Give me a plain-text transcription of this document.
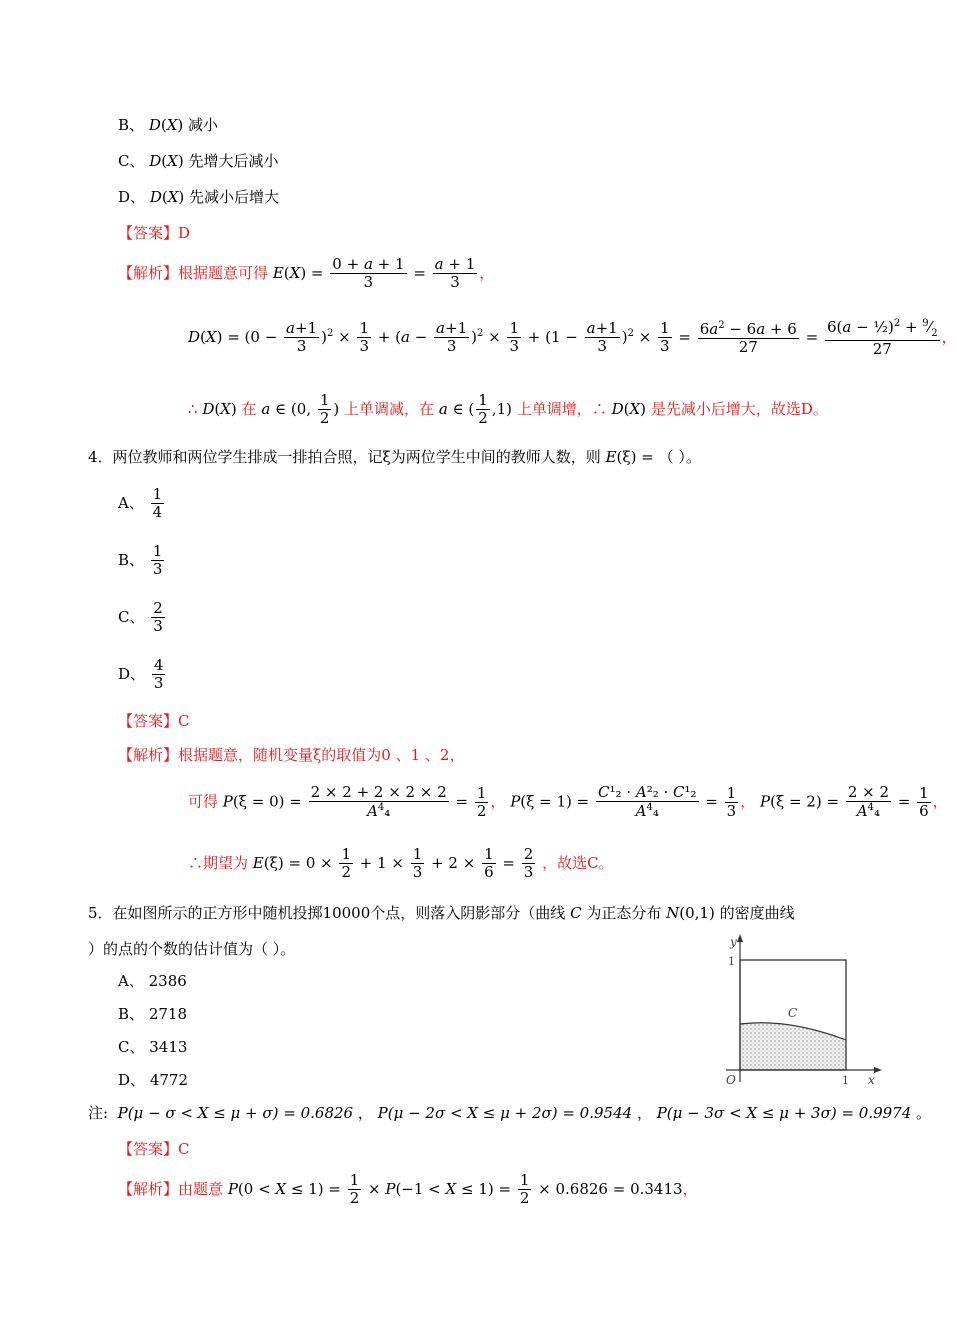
B、 D(X) 减小
C、 D(X) 先增大后减小
D、 D(X) 先减小后增大
【答案】D
【解析】根据题意可得 $E(X) = \frac{0 + a + 1}{3} = \frac{a + 1}{3}$ ，
$D(X) = (0 - \frac{a+1}{3} )^2 \times \frac{1}{3} + (a - \frac{a+1}{3} )^2 \times \frac{1}{3} + (1 - \frac{a+1}{3} )^2 \times \frac{1}{3} = \frac{6a^2 - 6a + 6}{27} = \frac{6(a - \frac{1}{2})^2 + ^9⁄_2}{27}$ ，
∴ D(X) 在 a ∈ (0, $\frac{1}{2}$ ) 上单调减，在 a ∈ ( $\frac{1}{2} ,1$) 上单调增，∴ D(X) 是先减小后增大，故选D。
4．两位教师和两位学生排成一排拍合照，记ξ为两位学生中间的教师人数，则 E(ξ) = （ ）。
A、 $\frac{1}{4}$
B、 $\frac{1}{3}$
C、 $\frac{2}{3}$
D、 $\frac{4}{3}$
【答案】C
【解析】根据题意，随机变量ξ的取值为0 、1 、2，
可得 $P(\xi = 0) = \frac{2 \times 2 + 2 \times 2 \times 2}{A^4_4} = \frac{1}{2}$ ， $P(\xi = 1) = \frac{\text{C¹₂ · A²₂ · C¹₂}}{A^4_4} = \frac{1}{3}$ ， $P(\xi = 2) = \frac{2 \times 2}{A^4_4} = \frac{1}{6}$ ，
∴期望为 $E(\xi) = 0 \times \frac{1}{2} + 1 \times \frac{1}{3} + 2 \times \frac{1}{6} = \frac{2}{3}$ ，故选C。
5．在如图所示的正方形中随机投掷10000个点，则落入阴影部分（曲线 C 为正态分布 N(0,1) 的密度曲线
）的点的个数的估计值为（ ）。
A、 2386
B、 2718
C、 3413
D、 4772
注: P(μ − σ < X ≤ μ + σ) = 0.6826 ， P(μ − 2σ < X ≤ μ + 2σ) = 0.9544 ， P(μ − 3σ < X ≤ μ + 3σ) = 0.9974 。
【答案】C
【解析】由题意 $P(0 < X \le 1) = \frac{1}{2} \times P(-1 < X \le 1) = \frac{1}{2} \times 0.6826 = 0.3413$，
y
x
O
1
1
C
